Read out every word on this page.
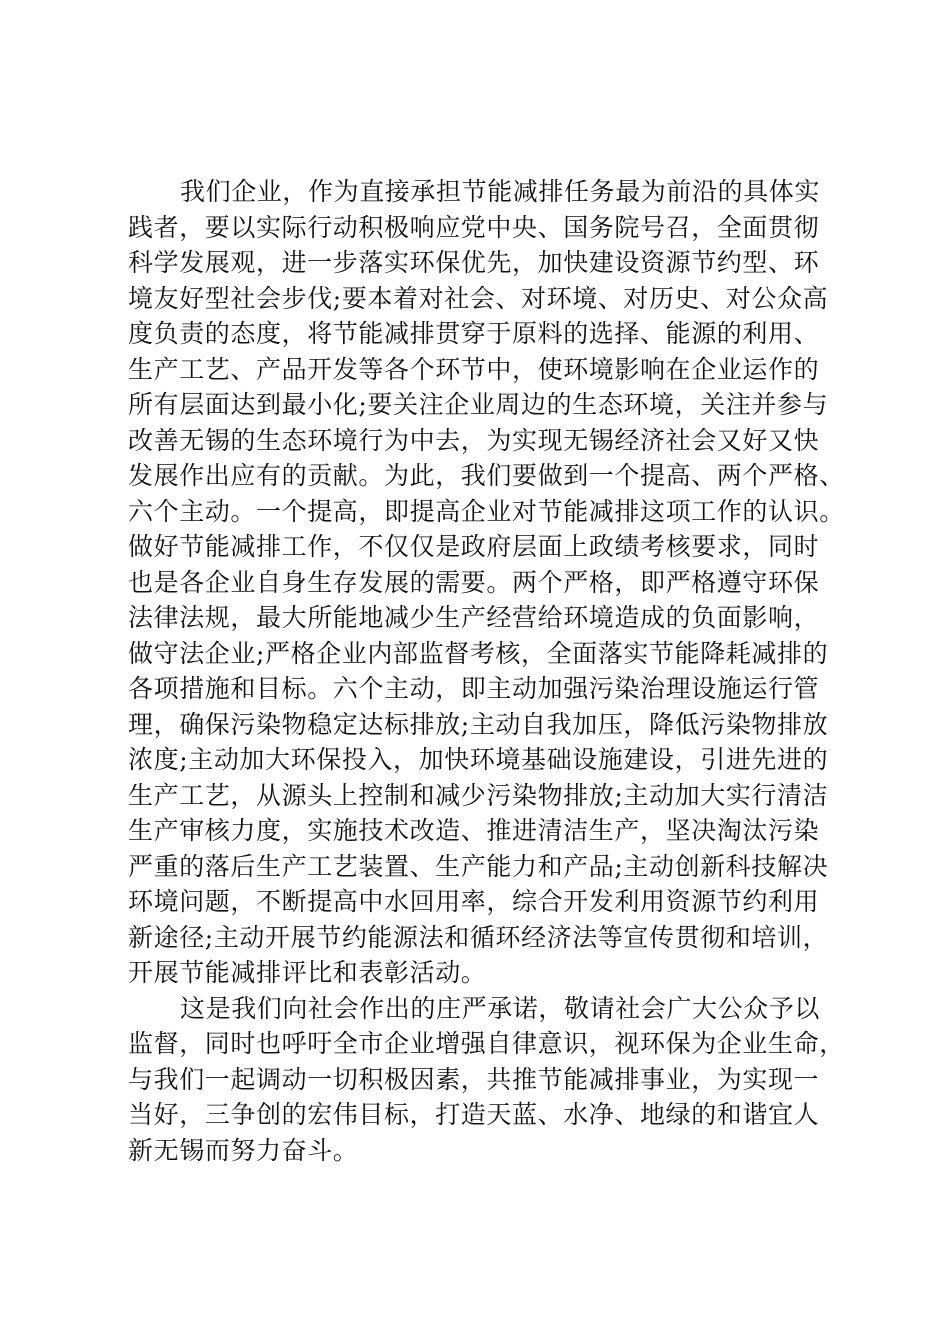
我们企业，作为直接承担节能减排任务最为前沿的具体实
践者，要以实际行动积极响应党中央、国务院号召，全面贯彻
科学发展观，进一步落实环保优先，加快建设资源节约型、环
境友好型社会步伐;要本着对社会、对环境、对历史、对公众高
度负责的态度，将节能减排贯穿于原料的选择、能源的利用、
生产工艺、产品开发等各个环节中，使环境影响在企业运作的
所有层面达到最小化;要关注企业周边的生态环境，关注并参与
改善无锡的生态环境行为中去，为实现无锡经济社会又好又快
发展作出应有的贡献。为此，我们要做到一个提高、两个严格、
六个主动。一个提高，即提高企业对节能减排这项工作的认识。
做好节能减排工作，不仅仅是政府层面上政绩考核要求，同时
也是各企业自身生存发展的需要。两个严格，即严格遵守环保
法律法规，最大所能地减少生产经营给环境造成的负面影响，
做守法企业;严格企业内部监督考核，全面落实节能降耗减排的
各项措施和目标。六个主动，即主动加强污染治理设施运行管
理，确保污染物稳定达标排放;主动自我加压，降低污染物排放
浓度;主动加大环保投入，加快环境基础设施建设，引进先进的
生产工艺，从源头上控制和减少污染物排放;主动加大实行清洁
生产审核力度，实施技术改造、推进清洁生产，坚决淘汰污染
严重的落后生产工艺装置、生产能力和产品;主动创新科技解决
环境问题，不断提高中水回用率，综合开发利用资源节约利用
新途径;主动开展节约能源法和循环经济法等宣传贯彻和培训，
开展节能减排评比和表彰活动。
这是我们向社会作出的庄严承诺，敬请社会广大公众予以
监督，同时也呼吁全市企业增强自律意识，视环保为企业生命，
与我们一起调动一切积极因素，共推节能减排事业，为实现一
当好，三争创的宏伟目标，打造天蓝、水净、地绿的和谐宜人
新无锡而努力奋斗。
